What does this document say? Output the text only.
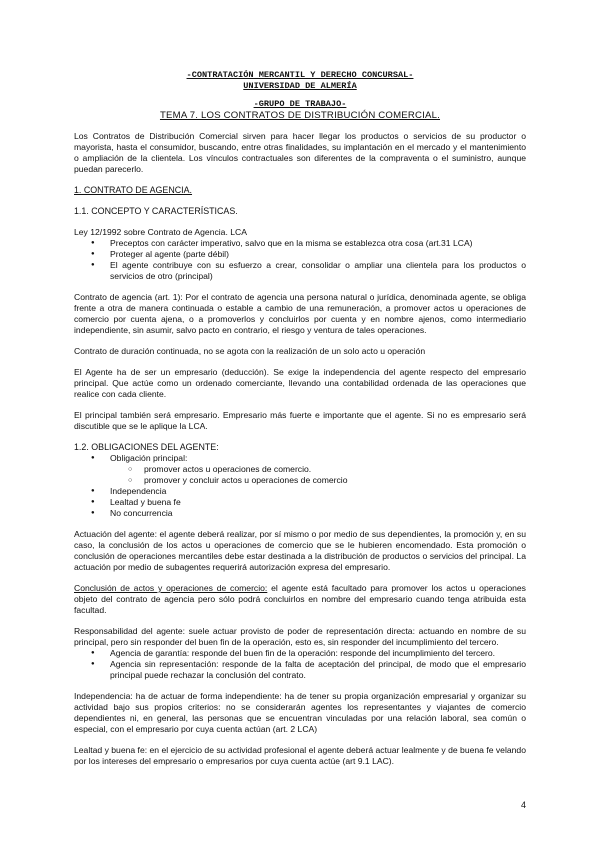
-CONTRATACIÓN MERCANTIL Y DERECHO CONCURSAL-
UNIVERSIDAD DE ALMERÍA
-GRUPO DE TRABAJO-
TEMA 7. LOS CONTRATOS DE DISTRIBUCIÓN COMERCIAL.

Los Contratos de Distribución Comercial sirven para hacer llegar los productos o servicios de su productor o mayorista, hasta el consumidor, buscando, entre otras finalidades, su implantación en el mercado y el mantenimiento o ampliación de la clientela. Los vínculos contractuales son diferentes de la compraventa o el suministro, aunque puedan parecerlo.

1. CONTRATO DE AGENCIA.

1.1. CONCEPTO Y CARACTERÍSTICAS.

Ley 12/1992 sobre Contrato de Agencia. LCA

● Preceptos con carácter imperativo, salvo que en la misma se establezca otra cosa (art.31 LCA)
● Proteger al agente (parte débil)
● El agente contribuye con su esfuerzo a crear, consolidar o ampliar una clientela para los productos o servicios de otro (principal)

Contrato de agencia (art. 1): Por el contrato de agencia una persona natural o jurídica, denominada agente, se obliga frente a otra de manera continuada o estable a cambio de una remuneración, a promover actos u operaciones de comercio por cuenta ajena, o a promoverlos y concluirlos por cuenta y en nombre ajenos, como intermediario independiente, sin asumir, salvo pacto en contrario, el riesgo y ventura de tales operaciones.

Contrato de duración continuada, no se agota con la realización de un solo acto u operación

El Agente ha de ser un empresario (deducción). Se exige la independencia del agente respecto del empresario principal. Que actúe como un ordenado comerciante, llevando una contabilidad ordenada de las operaciones que realice con cada cliente.

El principal también será empresario. Empresario más fuerte e importante que el agente. Si no es empresario será discutible que se le aplique la LCA.

1.2. OBLIGACIONES DEL AGENTE:

● Obligación principal:
○ promover actos u operaciones de comercio.
○ promover y concluir actos u operaciones de comercio
● Independencia
● Lealtad y buena fe
● No concurrencia

Actuación del agente: el agente deberá realizar, por sí mismo o por medio de sus dependientes, la promoción y, en su caso, la conclusión de los actos u operaciones de comercio que se le hubieren encomendado. Esta promoción o conclusión de operaciones mercantiles debe estar destinada a la distribución de productos o servicios del principal. La actuación por medio de subagentes requerirá autorización expresa del empresario.

Conclusión de actos y operaciones de comercio: el agente está facultado para promover los actos u operaciones objeto del contrato de agencia pero sólo podrá concluirlos en nombre del empresario cuando tenga atribuida esta facultad.

Responsabilidad del agente: suele actuar provisto de poder de representación directa: actuando en nombre de su principal, pero sin responder del buen fin de la operación, esto es, sin responder del incumplimiento del tercero.

● Agencia de garantía: responde del buen fin de la operación: responde del incumplimiento del tercero.
● Agencia sin representación: responde de la falta de aceptación del principal, de modo que el empresario principal puede rechazar la conclusión del contrato.

Independencia: ha de actuar de forma independiente: ha de tener su propia organización empresarial y organizar su actividad bajo sus propios criterios: no se considerarán agentes los representantes y viajantes de comercio dependientes ni, en general, las personas que se encuentran vinculadas por una relación laboral, sea común o especial, con el empresario por cuya cuenta actúan (art. 2 LCA)

Lealtad y buena fe: en el ejercicio de su actividad profesional el agente deberá actuar lealmente y de buena fe velando por los intereses del empresario o empresarios por cuya cuenta actúe (art 9.1 LAC).

4
